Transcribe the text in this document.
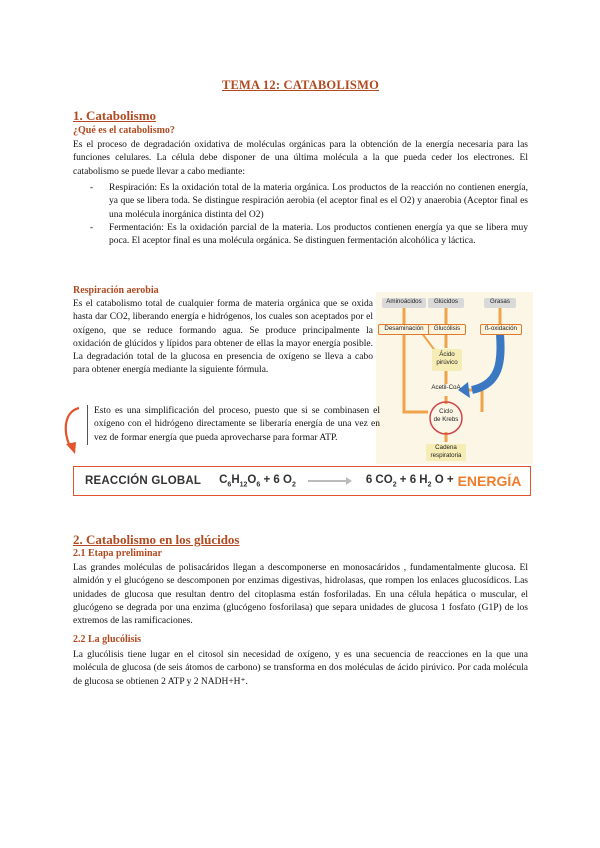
TEMA 12: CATABOLISMO
1. Catabolismo
¿Qué es el catabolismo?

Es el proceso de degradación oxidativa de moléculas orgánicas para la obtención de la energía necesaria para las funciones celulares. La célula debe disponer de una última molécula a la que pueda ceder los electrones. El catabolismo se puede llevar a cabo mediante:

- Respiración: Es la oxidación total de la materia orgánica. Los productos de la reacción no contienen energía, ya que se libera toda. Se distingue respiración aerobia (el aceptor final es el O2) y anaerobia (Aceptor final es una molécula inorgánica distinta del O2)
- Fermentación: Es la oxidación parcial de la materia. Los productos contienen energía ya que se libera muy poca. El aceptor final es una molécula orgánica. Se distinguen fermentación alcohólica y láctica.
Respiración aerobia

Es el catabolismo total de cualquier forma de materia orgánica que se oxida hasta dar CO2, liberando energía e hidrógenos, los cuales son aceptados por el oxígeno, que se reduce formando agua. Se produce principalmente la oxidación de glúcidos y lípidos para obtener de ellas la mayor energía posible. La degradación total de la glucosa en presencia de oxígeno se lleva a cabo para obtener energía mediante la siguiente fórmula.

Aminoácidos	Glúcidos	Grasas
Desaminación	Glucólisis	ß-oxidación
Ácido
pirúvico
Acetil-CoA
Ciclo
de Krebs
Cadena
respiratoria
Esto es una simplificación del proceso, puesto que si se combinasen el oxígeno con el hidrógeno directamente se liberaría energía de una vez en vez de formar energía que pueda aprovecharse para formar ATP.
REACCIÓN GLOBAL $C_6H_{12}O_6 + 6$ $O_2 \to 6$ $CO_2 + 6$ $H_2$ O + ENERGÍA
2. Catabolismo en los glúcidos
2.1 Etapa preliminar

Las grandes moléculas de polisacáridos llegan a descomponerse en monosacáridos , fundamentalmente glucosa. El almidón y el glucógeno se descomponen por enzimas digestivas, hidrolasas, que rompen los enlaces glucosídicos. Las unidades de glucosa que resultan dentro del citoplasma están fosforiladas. En una célula hepática o muscular, el glucógeno se degrada por una enzima (glucógeno fosforilasa) que separa unidades de glucosa 1 fosfato (G1P) de los extremos de las ramificaciones.

2.2 La glucólisis

La glucólisis tiene lugar en el citosol sin necesidad de oxígeno, y es una secuencia de reacciones en la que una molécula de glucosa (de seis átomos de carbono) se transforma en dos moléculas de ácido pirúvico. Por cada molécula de glucosa se obtienen 2 ATP y 2 NADH+H⁺.
